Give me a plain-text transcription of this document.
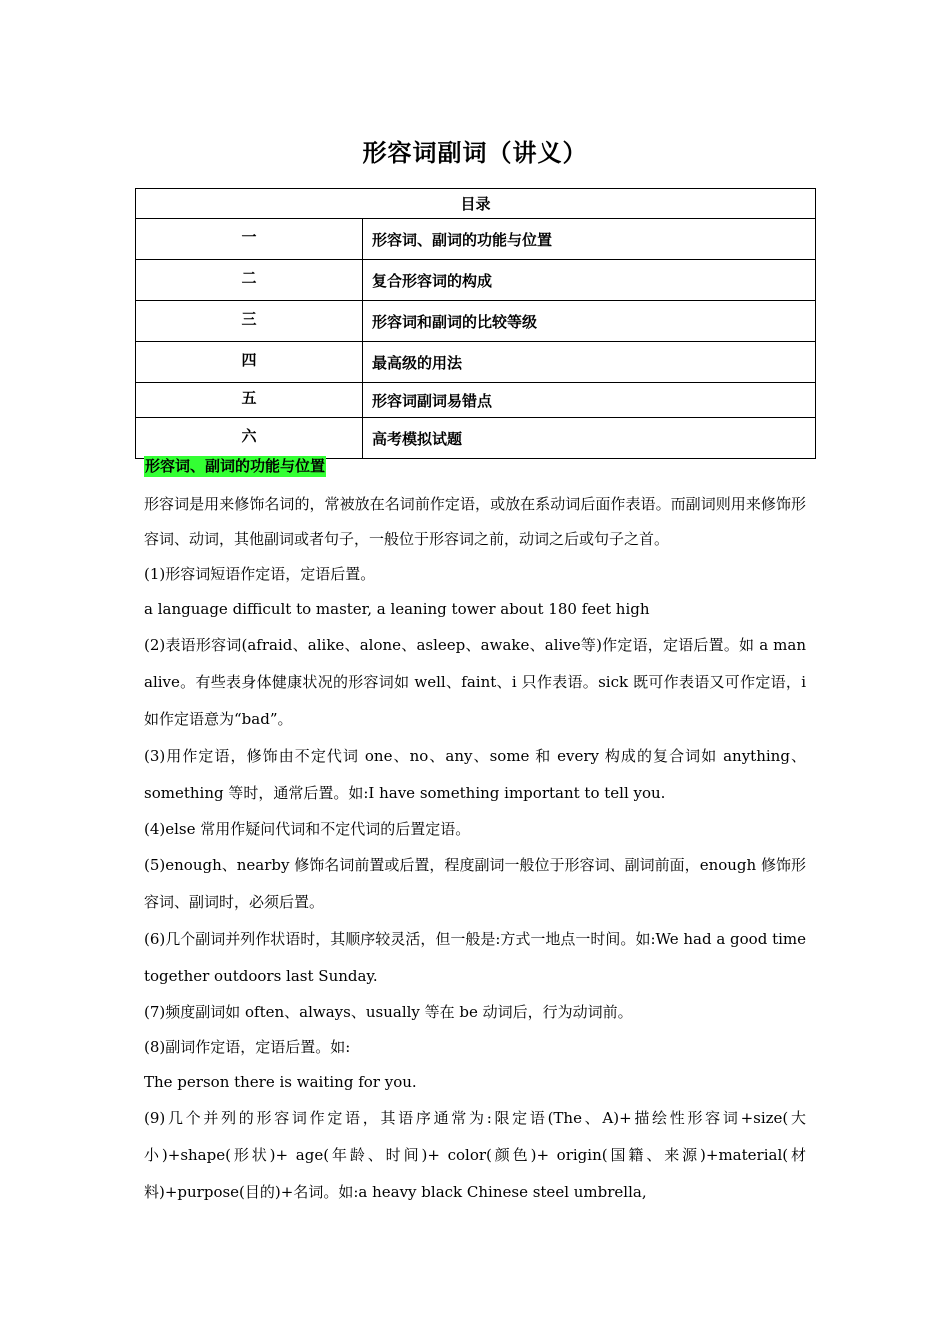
形容词副词（讲义）
目录	
一	形容词、副词的功能与位置
二	复合形容词的构成
三	形容词和副词的比较等级
四	最高级的用法
五	形容词副词易错点
六	高考模拟试题
形容词、副词的功能与位置

形容词是用来修饰名词的，常被放在名词前作定语，或放在系动词后面作表语。而副词则用来修饰形容词、动词，其他副词或者句子，一般位于形容词之前，动词之后或句子之首。

(1)形容词短语作定语，定语后置。

a language difficult to master, a leaning tower about 180 feet high

(2)表语形容词(afraid、alike、alone、asleep、awake、alive等)作定语，定语后置。如 a man alive。有些表身体健康状况的形容词如 well、faint、i 只作表语。sick 既可作表语又可作定语，i 如作定语意为“bad”。

(3)用作定语，修饰由不定代词 one、no、any、some 和 every 构成的复合词如 anything、something 等时，通常后置。如:I have something important to tell you.

(4)else 常用作疑问代词和不定代词的后置定语。

(5)enough、nearby 修饰名词前置或后置，程度副词一般位于形容词、副词前面，enough 修饰形容词、副词时，必须后置。

(6)几个副词并列作状语时，其顺序较灵活，但一般是:方式一地点一时间。如:We had a good time together outdoors last Sunday.

(7)频度副词如 often、always、usually 等在 be 动词后，行为动词前。

(8)副词作定语，定语后置。如:

The person there is waiting for you.

(9)几个并列的形容词作定语，其语序通常为:限定语(The、A)+描绘性形容词+size(大小)+shape(形状)+ age(年龄、时间)+ color(颜色)+ origin(国籍、来源)+material(材料)+purpose(目的)+名词。如:a heavy black Chinese steel umbrella,
